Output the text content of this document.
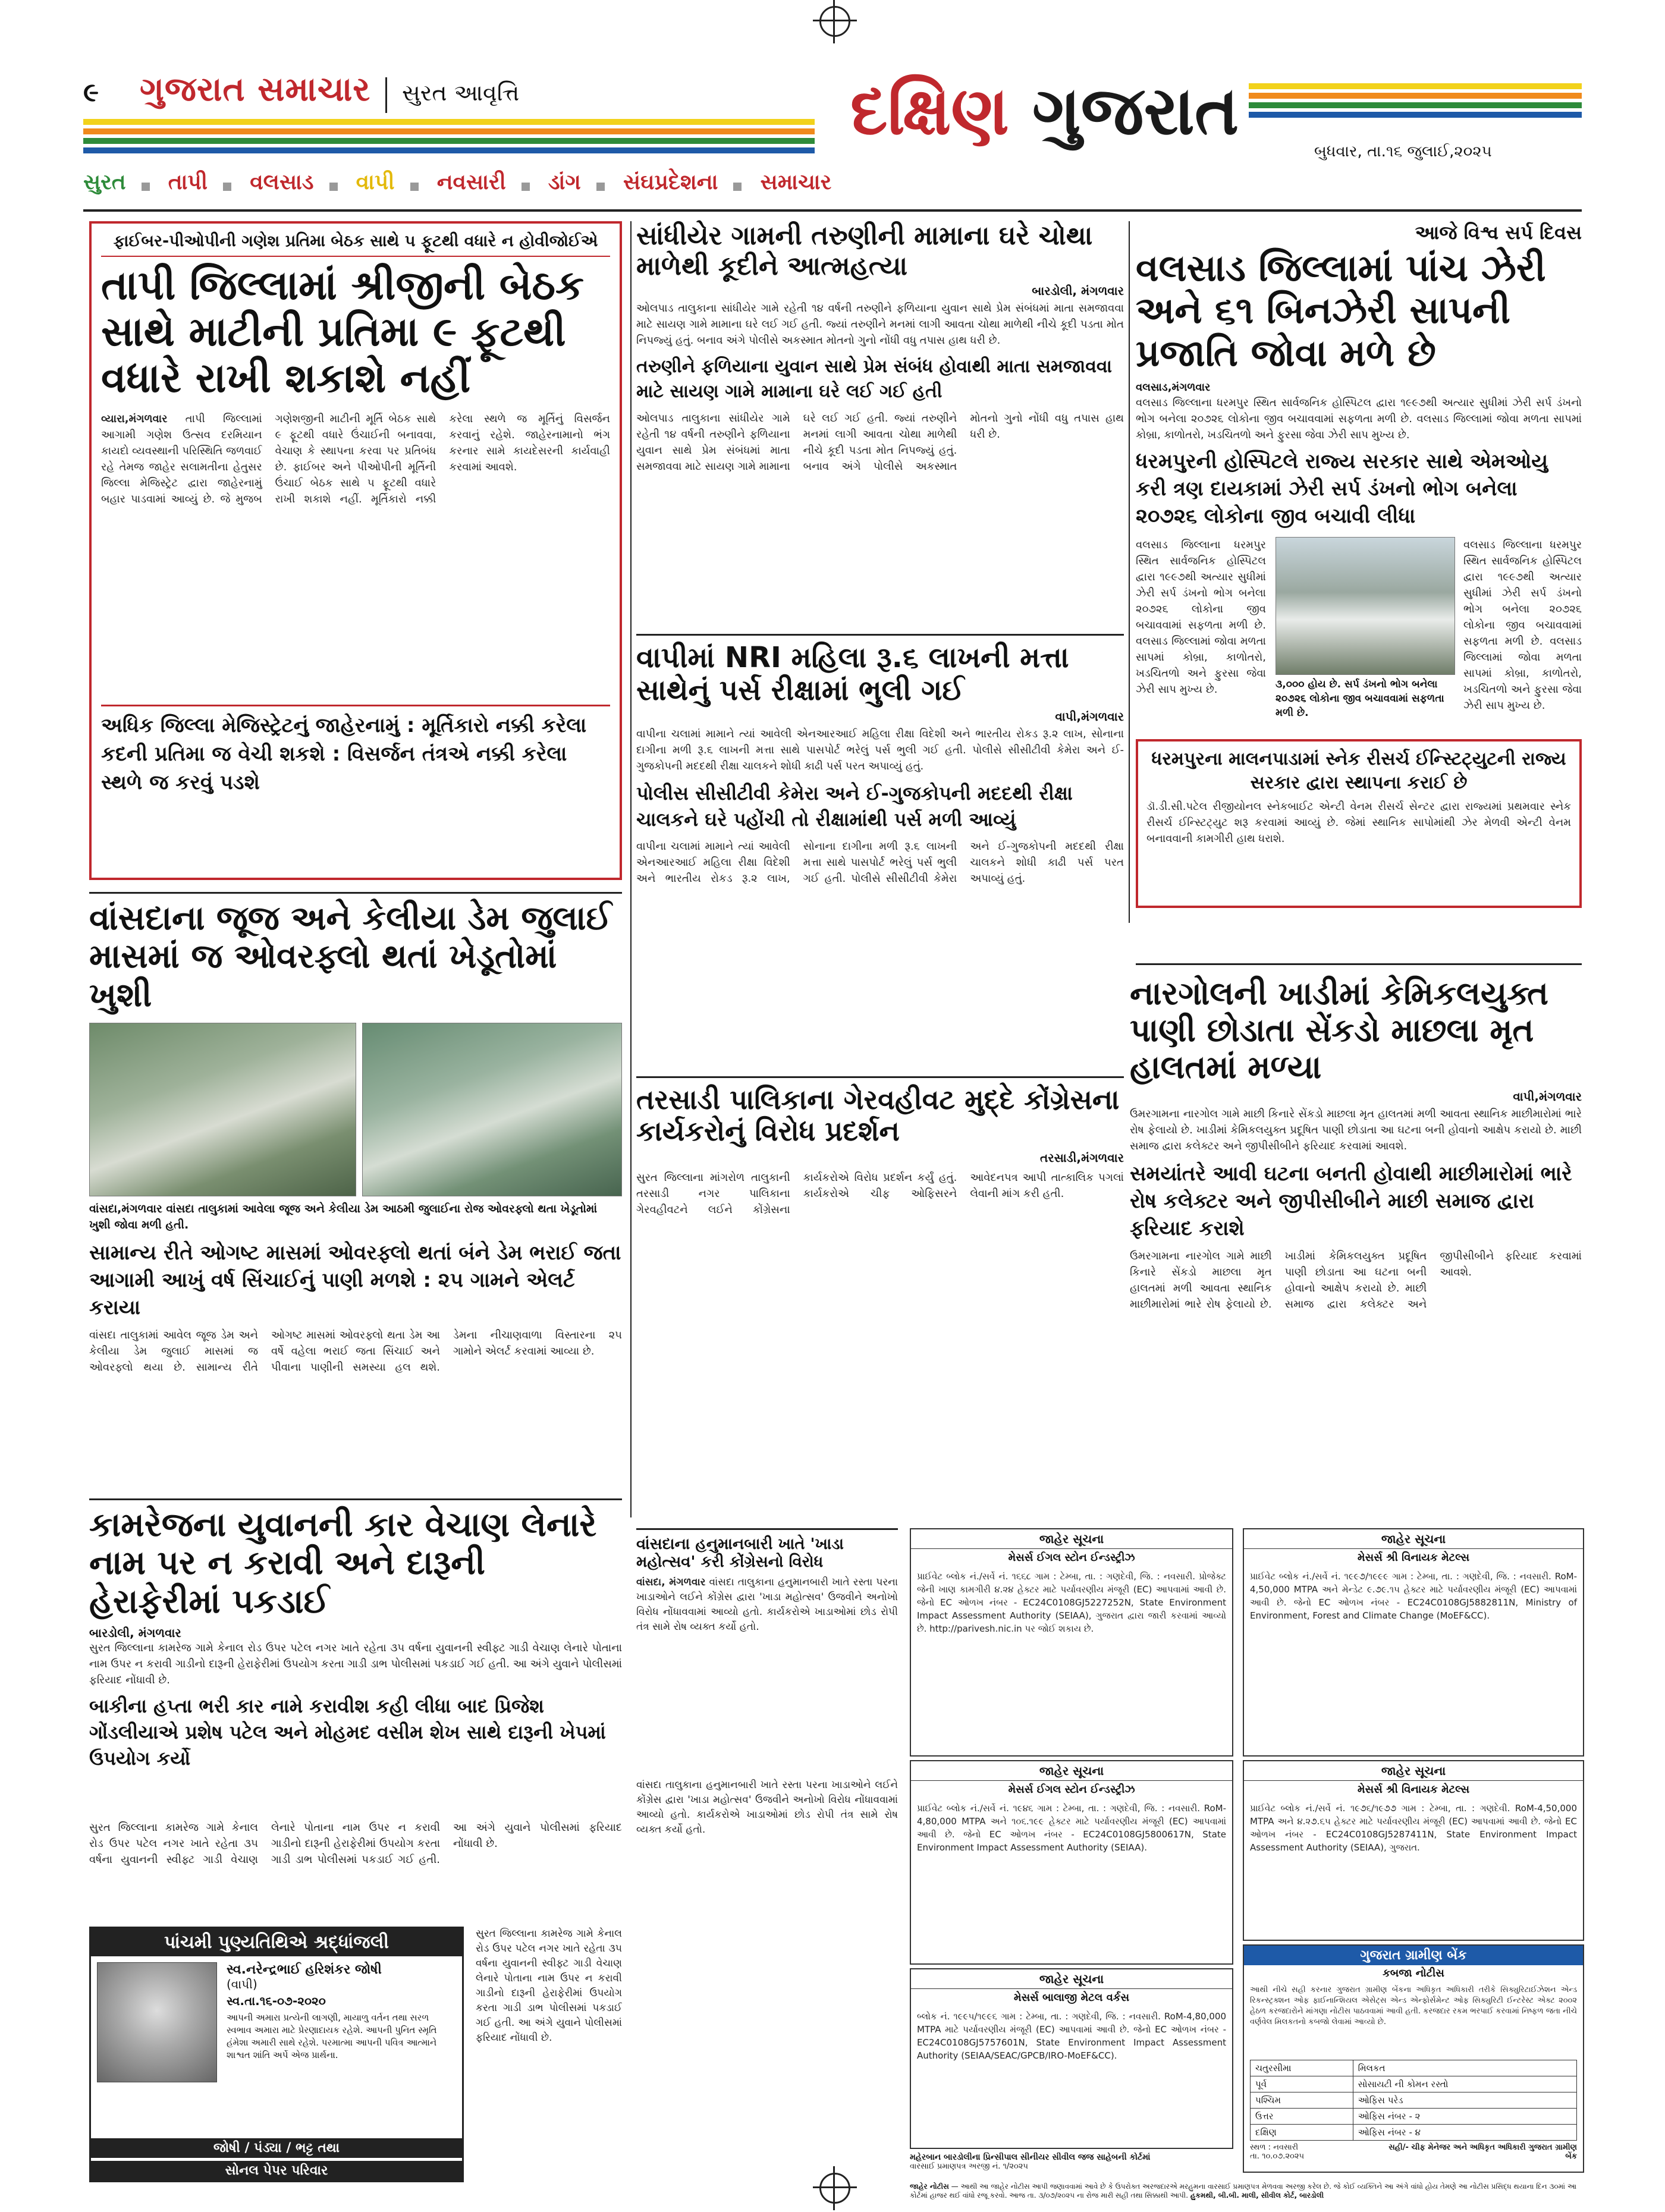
૯ ગુજરાત સમાચાર સુરત આવૃત્તિ	દક્ષિણ ગુજરાત
બુધવાર, તા.૧૬ જુલાઈ,૨૦૨૫
સુરત તાપી વલસાડ વાપી નવસારી ડાંગ સંઘપ્રદેશના સમાચાર
ફાઈબર-પીઓપીની ગણેશ પ્રતિમા બેઠક સાથે ૫ ફૂટથી વધારે ન હોવીજોઈએ
તાપી જિલ્લામાં શ્રીજીની બેઠક સાથે માટીની પ્રતિમા ૯ ફૂટથી વધારે રાખી શકાશે નહીં
વ્યારા,મંગળવાર તાપી જિલ્લામાં આગામી ગણેશ ઉત્સવ દરમિયાન કાયદો વ્યવસ્થાની પરિસ્થિતિ જળવાઈ રહે તેમજ જાહેર સલામતીના હેતુસર જિલ્લા મેજિસ્ટ્રેટ દ્વારા જાહેરનામું બહાર પાડવામાં આવ્યું છે. જે મુજબ ગણેશજીની માટીની મૂર્તિ બેઠક સાથે ૯ ફૂટથી વધારે ઉંચાઈની બનાવવા, વેચાણ કે સ્થાપના કરવા પર પ્રતિબંધ છે. ફાઈબર અને પીઓપીની મૂર્તિની ઉંચાઈ બેઠક સાથે ૫ ફૂટથી વધારે રાખી શકાશે નહીં. મૂર્તિકારો નક્કી કરેલા સ્થળે જ મૂર્તિનું વિસર્જન કરવાનું રહેશે. જાહેરનામાનો ભંગ કરનાર સામે કાયદેસરની કાર્યવાહી કરવામાં આવશે.
અધિક જિલ્લા મેજિસ્ટ્રેટનું જાહેરનામું : મૂર્તિકારો નક્કી કરેલા કદની પ્રતિમા જ વેચી શકશે : વિસર્જન તંત્રએ નક્કી કરેલા સ્થળે જ કરવું પડશે
સાંધીયેર ગામની તરુણીની મામાના ઘરે ચોથા માળેથી કૂદીને આત્મહત્યા
બારડોલી, મંગળવાર
ઓલપાડ તાલુકાના સાંધીયેર ગામે રહેતી ૧૪ વર્ષની તરુણીને ફળિયાના યુવાન સાથે પ્રેમ સંબંધમાં માતા સમજાવવા માટે સાયણ ગામે મામાના ઘરે લઈ ગઈ હતી. જ્યાં તરુણીને મનમાં લાગી આવતા ચોથા માળેથી નીચે કૂદી પડતા મોત નિપજ્યું હતું. બનાવ અંગે પોલીસે અકસ્માત મોતનો ગુનો નોંધી વધુ તપાસ હાથ ધરી છે.
તરુણીને ફળિયાના યુવાન સાથે પ્રેમ સંબંધ હોવાથી માતા સમજાવવા માટે સાયણ ગામે મામાના ઘરે લઈ ગઈ હતી
ઓલપાડ તાલુકાના સાંધીયેર ગામે રહેતી ૧૪ વર્ષની તરુણીને ફળિયાના યુવાન સાથે પ્રેમ સંબંધમાં માતા સમજાવવા માટે સાયણ ગામે મામાના ઘરે લઈ ગઈ હતી. જ્યાં તરુણીને મનમાં લાગી આવતા ચોથા માળેથી નીચે કૂદી પડતા મોત નિપજ્યું હતું. બનાવ અંગે પોલીસે અકસ્માત મોતનો ગુનો નોંધી વધુ તપાસ હાથ ધરી છે.
આજે વિશ્વ સર્પ દિવસ
વલસાડ જિલ્લામાં પાંચ ઝેરી અને ૬૧ બિનઝેરી સાપની પ્રજાતિ જોવા મળે છે
વલસાડ,મંગળવાર
વલસાડ જિલ્લાના ધરમપુર સ્થિત સાર્વજનિક હોસ્પિટલ દ્વારા ૧૯૯૭થી અત્યાર સુધીમાં ઝેરી સર્પ ડંખનો ભોગ બનેલા ૨૦૭૨૬ લોકોના જીવ બચાવવામાં સફળતા મળી છે. વલસાડ જિલ્લામાં જોવા મળતા સાપમાં કોબ્રા, કાળોતરો, ખડચિતળો અને ફુરસા જેવા ઝેરી સાપ મુખ્ય છે.
ધરમપુરની હોસ્પિટલે રાજ્ય સરકાર સાથે એમઓયુ કરી ત્રણ દાયકામાં ઝેરી સર્પ ડંખનો ભોગ બનેલા ૨૦૭૨૬ લોકોના જીવ બચાવી લીધા
વલસાડ જિલ્લાના ધરમપુર સ્થિત સાર્વજનિક હોસ્પિટલ દ્વારા ૧૯૯૭થી અત્યાર સુધીમાં ઝેરી સર્પ ડંખનો ભોગ બનેલા ૨૦૭૨૬ લોકોના જીવ બચાવવામાં સફળતા મળી છે. વલસાડ જિલ્લામાં જોવા મળતા સાપમાં કોબ્રા, કાળોતરો, ખડચિતળો અને ફુરસા જેવા ઝેરી સાપ મુખ્ય છે.	૩,૦૦૦ હોય છે. સર્પ ડંખનો ભોગ બનેલા ૨૦૭૨૬ લોકોના જીવ બચાવવામાં સફળતા મળી છે.
વલસાડ જિલ્લાના ધરમપુર સ્થિત સાર્વજનિક હોસ્પિટલ દ્વારા ૧૯૯૭થી અત્યાર સુધીમાં ઝેરી સર્પ ડંખનો ભોગ બનેલા ૨૦૭૨૬ લોકોના જીવ બચાવવામાં સફળતા મળી છે. વલસાડ જિલ્લામાં જોવા મળતા સાપમાં કોબ્રા, કાળોતરો, ખડચિતળો અને ફુરસા જેવા ઝેરી સાપ મુખ્ય છે.
ધરમપુરના માલનપાડામાં સ્નેક રીસર્ચ ઈન્સ્ટિટ્યુટની રાજ્ય સરકાર દ્વારા સ્થાપના કરાઈ છે
ડૉ.ડી.સી.પટેલ રીજીયોનલ સ્નેકબાઈટ એન્ટી વેનમ રીસર્ચ સેન્ટર દ્વારા રાજ્યમાં પ્રથમવાર સ્નેક રીસર્ચ ઈન્સ્ટિટ્યુટ શરૂ કરવામાં આવ્યું છે. જેમાં સ્થાનિક સાપોમાંથી ઝેર મેળવી એન્ટી વેનમ બનાવવાની કામગીરી હાથ ધરાશે.
વાપીમાં NRI મહિલા રૂ.૬ લાખની મત્તા સાથેનું પર્સ રીક્ષામાં ભુલી ગઈ
વાપી,મંગળવાર
વાપીના ચલામાં મામાને ત્યાં આવેલી એનઆરઆઈ મહિલા રીક્ષા વિદેશી અને ભારતીય રોકડ રૂ.૨ લાખ, સોનાના દાગીના મળી રૂ.૬ લાખની મત્તા સાથે પાસપોર્ટ ભરેલું પર્સ ભુલી ગઈ હતી. પોલીસે સીસીટીવી કેમેરા અને ઈ-ગુજકોપની મદદથી રીક્ષા ચાલકને શોધી કાઢી પર્સ પરત અપાવ્યું હતું.
પોલીસ સીસીટીવી કેમેરા અને ઈ-ગુજકોપની મદદથી રીક્ષા ચાલકને ઘરે પહોંચી તો રીક્ષામાંથી પર્સ મળી આવ્યું
વાપીના ચલામાં મામાને ત્યાં આવેલી એનઆરઆઈ મહિલા રીક્ષા વિદેશી અને ભારતીય રોકડ રૂ.૨ લાખ, સોનાના દાગીના મળી રૂ.૬ લાખની મત્તા સાથે પાસપોર્ટ ભરેલું પર્સ ભુલી ગઈ હતી. પોલીસે સીસીટીવી કેમેરા અને ઈ-ગુજકોપની મદદથી રીક્ષા ચાલકને શોધી કાઢી પર્સ પરત અપાવ્યું હતું.
વાંસદાના જૂજ અને કેલીયા ડેમ જુલાઈ માસમાં જ ઓવરફ્લો થતાં ખેડૂતોમાં ખુશી
વાંસદા,મંગળવાર વાંસદા તાલુકામાં આવેલા જૂજ અને કેલીયા ડેમ આઠમી જુલાઈના રોજ ઓવરફ્લો થતા ખેડૂતોમાં ખુશી જોવા મળી હતી.
સામાન્ય રીતે ઓગષ્ટ માસમાં ઓવરફ્લો થતાં બંને ડેમ ભરાઈ જતા આગામી આખું વર્ષ સિંચાઈનું પાણી મળશે : ૨૫ ગામને એલર્ટ કરાયા
વાંસદા તાલુકામાં આવેલ જૂજ ડેમ અને કેલીયા ડેમ જુલાઈ માસમાં જ ઓવરફ્લો થયા છે. સામાન્ય રીતે ઓગષ્ટ માસમાં ઓવરફ્લો થતા ડેમ આ વર્ષે વહેલા ભરાઈ જતા સિંચાઈ અને પીવાના પાણીની સમસ્યા હલ થશે. ડેમના નીચાણવાળા વિસ્તારના ૨૫ ગામોને એલર્ટ કરવામાં આવ્યા છે.
નારગોલની ખાડીમાં કેમિકલયુક્ત પાણી છોડાતા સેંકડો માછલા મૃત હાલતમાં મળ્યા
વાપી,મંગળવાર
ઉમરગામના નારગોલ ગામે માછી કિનારે સેંકડો માછલા મૃત હાલતમાં મળી આવતા સ્થાનિક માછીમારોમાં ભારે રોષ ફેલાયો છે. ખાડીમાં કેમિકલયુક્ત પ્રદૂષિત પાણી છોડાતા આ ઘટના બની હોવાનો આક્ષેપ કરાયો છે. માછી સમાજ દ્વારા કલેક્ટર અને જીપીસીબીને ફરિયાદ કરવામાં આવશે.
સમયાંતરે આવી ઘટના બનતી હોવાથી માછીમારોમાં ભારે રોષ કલેક્ટર અને જીપીસીબીને માછી સમાજ દ્વારા ફરિયાદ કરાશે
ઉમરગામના નારગોલ ગામે માછી કિનારે સેંકડો માછલા મૃત હાલતમાં મળી આવતા સ્થાનિક માછીમારોમાં ભારે રોષ ફેલાયો છે. ખાડીમાં કેમિકલયુક્ત પ્રદૂષિત પાણી છોડાતા આ ઘટના બની હોવાનો આક્ષેપ કરાયો છે. માછી સમાજ દ્વારા કલેક્ટર અને જીપીસીબીને ફરિયાદ કરવામાં આવશે.
તરસાડી પાલિકાના ગેરવહીવટ મુદ્દે કોંગ્રેસના કાર્યકરોનું વિરોધ પ્રદર્શન
તરસાડી,મંગળવાર
સુરત જિલ્લાના માંગરોળ તાલુકાની તરસાડી નગર પાલિકાના ગેરવહીવટને લઈને કોંગ્રેસના કાર્યકરોએ વિરોધ પ્રદર્શન કર્યું હતું. કાર્યકરોએ ચીફ ઓફિસરને આવેદનપત્ર આપી તાત્કાલિક પગલાં લેવાની માંગ કરી હતી.
કામરેજના યુવાનની કાર વેચાણ લેનારે નામ પર ન કરાવી અને દારૂની હેરાફેરીમાં પકડાઈ
બારડોલી, મંગળવાર
સુરત જિલ્લાના કામરેજ ગામે કેનાલ રોડ ઉપર પટેલ નગર ખાતે રહેતા ૩૫ વર્ષના યુવાનની સ્વીફ્ટ ગાડી વેચાણ લેનારે પોતાના નામ ઉપર ન કરાવી ગાડીનો દારૂની હેરાફેરીમાં ઉપયોગ કરતા ગાડી ડાભ પોલીસમાં પકડાઈ ગઈ હતી. આ અંગે યુવાને પોલીસમાં ફરિયાદ નોંધાવી છે.
બાકીના હપ્તા ભરી કાર નામે કરાવીશ કહી લીધા બાદ પ્રિજેશ ગોંડલીયાએ પ્રશેષ પટેલ અને મોહમદ વસીમ શેખ સાથે દારૂની ખેપમાં ઉપયોગ કર્યો
સુરત જિલ્લાના કામરેજ ગામે કેનાલ રોડ ઉપર પટેલ નગર ખાતે રહેતા ૩૫ વર્ષના યુવાનની સ્વીફ્ટ ગાડી વેચાણ લેનારે પોતાના નામ ઉપર ન કરાવી ગાડીનો દારૂની હેરાફેરીમાં ઉપયોગ કરતા ગાડી ડાભ પોલીસમાં પકડાઈ ગઈ હતી. આ અંગે યુવાને પોલીસમાં ફરિયાદ નોંધાવી છે.
વાંસદાના હનુમાનબારી ખાતે 'ખાડા મહોત્સવ' કરી કોંગ્રેસનો વિરોધ
વાંસદા, મંગળવાર વાંસદા તાલુકાના હનુમાનબારી ખાતે રસ્તા પરના ખાડાઓને લઈને કોંગ્રેસ દ્વારા 'ખાડા મહોત્સવ' ઉજવીને અનોખો વિરોધ નોંધાવવામાં આવ્યો હતો. કાર્યકરોએ ખાડાઓમાં છોડ રોપી તંત્ર સામે રોષ વ્યક્ત કર્યો હતો.
પાંચમી પુણ્યતિથિએ શ્રદ્ધાંજલી
સ્વ.નરેન્દ્રભાઈ હરિશંકર જોષી
(વાપી)
સ્વ.તા.૧૬-૦૭-૨૦૨૦
આપની અમારા પ્રત્યેની લાગણી, માયાળુ વર્તન તથા સરળ સ્વભાવ અમારા માટે પ્રેરણાદાયક રહેશે. આપની પુનિત સ્મૃતિ હંમેશા અમારી સાથે રહેશે. પરમાત્મા આપની પવિત્ર આત્માને શાશ્વત શાંતિ અર્પે એજ પ્રાર્થના.
જોષી / પંડ્યા / ભટ્ટ તથા
સોનલ પેપર પરિવાર
સુરત જિલ્લાના કામરેજ ગામે કેનાલ રોડ ઉપર પટેલ નગર ખાતે રહેતા ૩૫ વર્ષના યુવાનની સ્વીફ્ટ ગાડી વેચાણ લેનારે પોતાના નામ ઉપર ન કરાવી ગાડીનો દારૂની હેરાફેરીમાં ઉપયોગ કરતા ગાડી ડાભ પોલીસમાં પકડાઈ ગઈ હતી. આ અંગે યુવાને પોલીસમાં ફરિયાદ નોંધાવી છે.
વાંસદા તાલુકાના હનુમાનબારી ખાતે રસ્તા પરના ખાડાઓને લઈને કોંગ્રેસ દ્વારા 'ખાડા મહોત્સવ' ઉજવીને અનોખો વિરોધ નોંધાવવામાં આવ્યો હતો. કાર્યકરોએ ખાડાઓમાં છોડ રોપી તંત્ર સામે રોષ વ્યક્ત કર્યો હતો.
જાહેર સૂચના
મેસર્સ ઈગલ સ્ટોન ઈન્ડસ્ટ્રીઝ
પ્રાઈવેટ બ્લોક નં./સર્વે નં. ૧૬૬૮ ગામ : ટેમ્બા, તા. : ગણદેવી, જિ. : નવસારી. પ્રોજેક્ટ જેની ખાણ કામગીરી ૪.૨૪ હેક્ટર માટે પર્યાવરણીય મંજૂરી (EC) આપવામાં આવી છે. જેનો EC ઓળખ નંબર - EC24C0108GJ5227252N, State Environment Impact Assessment Authority (SEIAA), ગુજરાત દ્વારા જારી કરવામાં આવ્યો છે. http://parivesh.nic.in પર જોઈ શકાય છે.
જાહેર સૂચના
મેસર્સ શ્રી વિનાયક મેટલ્સ
પ્રાઈવેટ બ્લોક નં./સર્વે નં. ૧૯૯૭/૧૯૯૯ ગામ : ટેમ્બા, તા. : ગણદેવી, જિ. : નવસારી. RoM-4,50,000 MTPA અને મેન્ડેટ ૯.૭૯.૧૫ હેક્ટર માટે પર્યાવરણીય મંજૂરી (EC) આપવામાં આવી છે. જેનો EC ઓળખ નંબર - EC24C0108GJ5882811N, Ministry of Environment, Forest and Climate Change (MoEF&CC).
જાહેર સૂચના
મેસર્સ શ્રી વિનાયક મેટલ્સ
પ્રાઈવેટ બ્લોક નં./સર્વે નં. ૧૯૭૬/૧૯૭૭ ગામ : ટેમ્બા, તા. : ગણદેવી. RoM-4,50,000 MTPA અને ૪.૨૭.૬૫ હેક્ટર માટે પર્યાવરણીય મંજૂરી (EC) આપવામાં આવી છે. જેનો EC ઓળખ નંબર - EC24C0108GJ5287411N, State Environment Impact Assessment Authority (SEIAA), ગુજરાત.
જાહેર સૂચના
મેસર્સ ઈગલ સ્ટોન ઈન્ડસ્ટ્રીઝ
પ્રાઈવેટ બ્લોક નં./સર્વે નં. ૧૯૪૬ ગામ : ટેમ્બા, તા. : ગણદેવી, જિ. : નવસારી. RoM-4,80,000 MTPA અને ૧૦૬.૧૯૯ હેક્ટર માટે પર્યાવરણીય મંજૂરી (EC) આપવામાં આવી છે. જેનો EC ઓળખ નંબર - EC24C0108GJ5800617N, State Environment Impact Assessment Authority (SEIAA).
જાહેર સૂચના
મેસર્સ બાલાજી મેટલ વર્કસ
બ્લોક નં. ૧૯૯૫/૧૯૯૬ ગામ : ટેમ્બા, તા. : ગણદેવી, જિ. : નવસારી. RoM-4,80,000 MTPA માટે પર્યાવરણીય મંજૂરી (EC) આપવામાં આવી છે. જેનો EC ઓળખ નંબર - EC24C0108GJ5757601N, State Environment Impact Assessment Authority (SEIAA/SEAC/GPCB/IRO-MoEF&CC).
ગુજરાત ગ્રામીણ બેંક
કબજા નોટીસ
આથી નીચે સહી કરનાર ગુજરાત ગ્રામીણ બેંકના અધિકૃત અધિકારી તરીકે સિક્યુરિટાઈઝેશન એન્ડ રિકન્સ્ટ્રક્શન ઓફ ફાઈનાન્શિયલ એસેટ્સ એન્ડ એન્ફોર્સમેન્ટ ઓફ સિક્યુરિટી ઈન્ટરેસ્ટ એક્ટ ૨૦૦૨ હેઠળ કરજદારોને માંગણા નોટીસ પાઠવવામાં આવી હતી. કરજદાર રકમ ભરપાઈ કરવામાં નિષ્ફળ જતા નીચે વર્ણવેલ મિલકતનો કબજો લેવામાં આવ્યો છે.
ચતુરસીમા	મિલકત
પૂર્વ	સોસાયટી ની કોમન રસ્તો
પશ્ચિમ	ઓફિસ પરેડ
ઉત્તર	ઓફિસ નંબર - ૨
દક્ષિણ	ઓફિસ નંબર - ૪
સ્થળ : નવસારી
તા. ૧૦.૦૭.૨૦૨૫
સહી/- ચીફ મેનેજર અને અધિકૃત અધિકારી ગુજરાત ગ્રામીણ બેંક
મહેરબાન બારડોલીના પ્રિન્સીપાલ સીનીયર સીવીલ જજ સાહેબની કોર્ટમાં
વારસાઈ પ્રમાણપત્ર અરજી નં. ૧/૨૦૨૫
જાહેર નોટીસ — આથી આ જાહેર નોટીસ આપી જણાવવામાં આવે છે કે ઉપરોક્ત અરજદારએ મરહુમના વારસાઈ પ્રમાણપત્ર મેળવવા અરજી કરેલ છે. જે કોઈ વ્યક્તિને આ અંગે વાંધો હોય તેમણે આ નોટીસ પ્રસિદ્ધ થયાના દિન ૩૦માં આ કોર્ટમાં હાજર થઈ વાંધો રજૂ કરવો. આજ તા. ૩/૦૭/૨૦૨૫ ના રોજ મારી સહી તથા સિક્કાથી આપી. હુકમથી, બી.બી. માલી, સીવીલ કોર્ટ, બારડોલી
